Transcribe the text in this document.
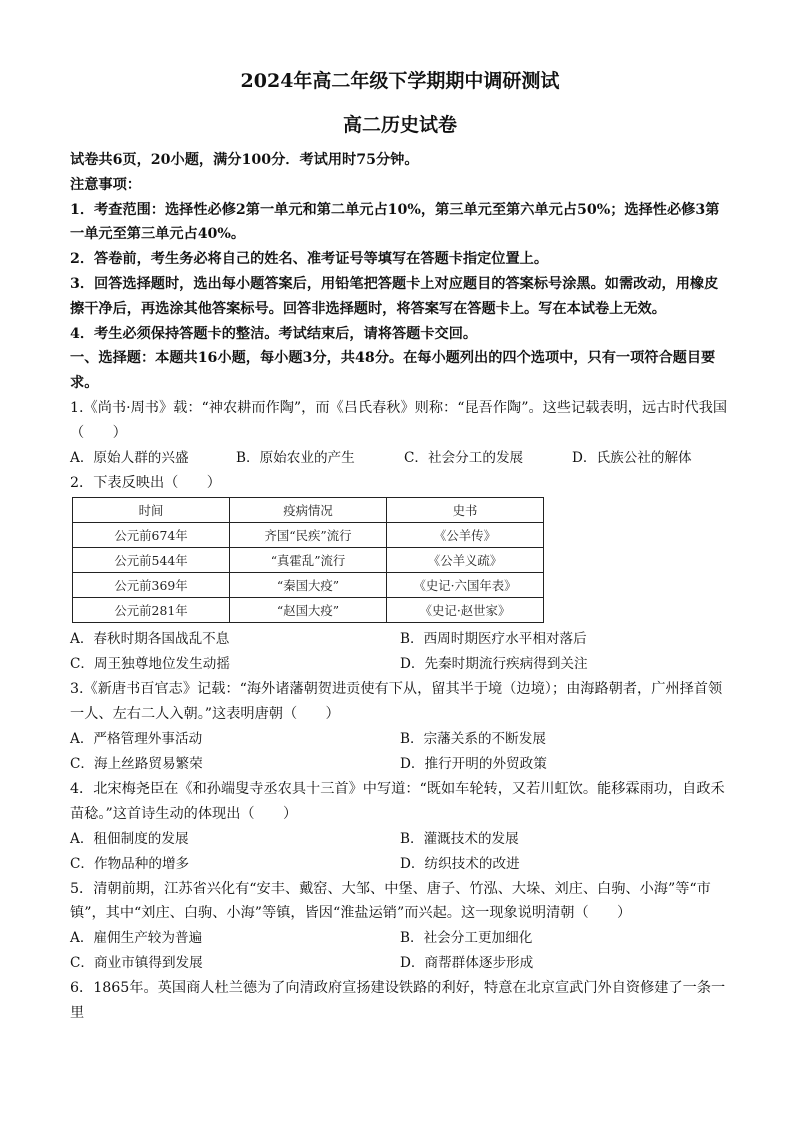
2024年高二年级下学期期中调研测试
高二历史试卷

试卷共6页，20小题，满分100分．考试用时75分钟。

注意事项：

1．考查范围：选择性必修2第一单元和第二单元占10%，第三单元至第六单元占50%；选择性必修3第一单元至第三单元占40%。

2．答卷前，考生务必将自己的姓名、准考证号等填写在答题卡指定位置上。

3．回答选择题时，选出每小题答案后，用铅笔把答题卡上对应题目的答案标号涂黑。如需改动，用橡皮擦干净后，再选涂其他答案标号。回答非选择题时，将答案写在答题卡上。写在本试卷上无效。

4．考生必须保持答题卡的整洁。考试结束后，请将答题卡交回。

一、选择题：本题共16小题，每小题3分，共48分。在每小题列出的四个选项中，只有一项符合题目要求。

1.《尚书·周书》载：“神农耕而作陶”，而《吕氏春秋》则称：“昆吾作陶”。这些记载表明，远古时代我国（　　）

A．原始人群的兴盛	B．原始农业的产生	C．社会分工的发展	D．氏族公社的解体

2．下表反映出（　　）

时间	疫病情况	史书
公元前674年	齐国“民疾”流行	《公羊传》
公元前544年	“真霍乱”流行	《公羊义疏》
公元前369年	“秦国大疫”	《史记·六国年表》
公元前281年	“赵国大疫”	《史记·赵世家》
A．春秋时期各国战乱不息	B．西周时期医疗水平相对落后
C．周王独尊地位发生动摇	D．先秦时期流行疾病得到关注

3.《新唐书百官志》记载：“海外诸藩朝贺进贡使有下从，留其半于境（边境）；由海路朝者，广州择首领一人、左右二人入朝。”这表明唐朝（　　）

A．严格管理外事活动	B．宗藩关系的不断发展
C．海上丝路贸易繁荣	D．推行开明的外贸政策

4．北宋梅尧臣在《和孙端叟寺丞农具十三首》中写道：“既如车轮转，又若川虹饮。能移霖雨功，自政禾苗稔。”这首诗生动的体现出（　　）

A．租佃制度的发展	B．灌溉技术的发展
C．作物品种的增多	D．纺织技术的改进

5．清朝前期，江苏省兴化有“安丰、戴窑、大邹、中堡、唐子、竹泓、大垛、刘庄、白驹、小海”等“市镇”，其中“刘庄、白驹、小海”等镇，皆因“淮盐运销”而兴起。这一现象说明清朝（　　）

A．雇佣生产较为普遍	B．社会分工更加细化
C．商业市镇得到发展	D．商帮群体逐步形成

6．1865年。英国商人杜兰德为了向清政府宣扬建设铁路的利好，特意在北京宣武门外自资修建了一条一里
